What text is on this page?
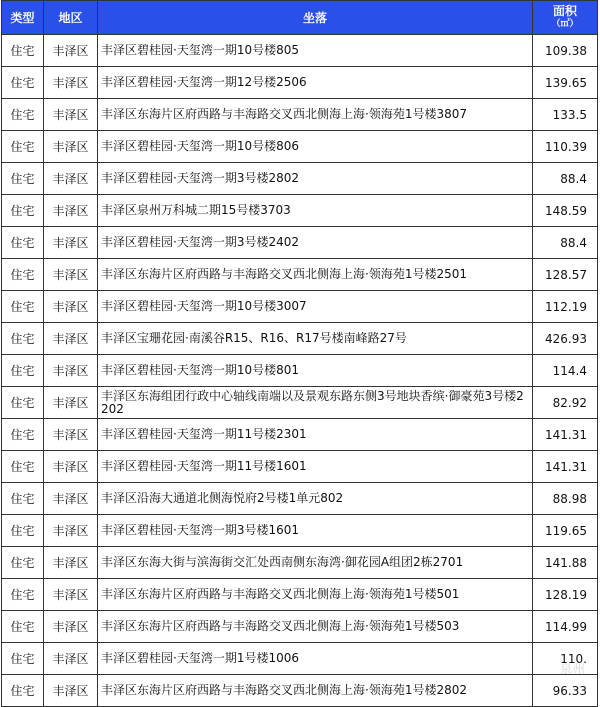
类型	地区	坐落	面积
（㎡）

住宅	丰泽区	丰泽区碧桂园·天玺湾一期10号楼805	109.38
住宅	丰泽区	丰泽区碧桂园·天玺湾一期12号楼2506	139.65
住宅	丰泽区	丰泽区东海片区府西路与丰海路交叉西北侧海上海·领海苑1号楼3807	133.5
住宅	丰泽区	丰泽区碧桂园·天玺湾一期10号楼806	110.39
住宅	丰泽区	丰泽区碧桂园·天玺湾一期3号楼2802	88.4
住宅	丰泽区	丰泽区泉州万科城二期15号楼3703	148.59
住宅	丰泽区	丰泽区碧桂园·天玺湾一期3号楼2402	88.4
住宅	丰泽区	丰泽区东海片区府西路与丰海路交叉西北侧海上海·领海苑1号楼2501	128.57
住宅	丰泽区	丰泽区碧桂园·天玺湾一期10号楼3007	112.19
住宅	丰泽区	丰泽区宝珊花园·南溪谷R15、R16、R17号楼南峰路27号	426.93
住宅	丰泽区	丰泽区碧桂园·天玺湾一期10号楼801	114.4
住宅	丰泽区	丰泽区东海组团行政中心轴线南端以及景观东路东侧3号地块香缤·御豪苑3号楼2202	82.92
住宅	丰泽区	丰泽区碧桂园·天玺湾一期11号楼2301	141.31
住宅	丰泽区	丰泽区碧桂园·天玺湾一期11号楼1601	141.31
住宅	丰泽区	丰泽区沿海大通道北侧海悦府2号楼1单元802	88.98
住宅	丰泽区	丰泽区碧桂园·天玺湾一期3号楼1601	119.65
住宅	丰泽区	丰泽区东海大街与滨海街交汇处西南侧东海湾·御花园A组团2栋2701	141.88
住宅	丰泽区	丰泽区东海片区府西路与丰海路交叉西北侧海上海·领海苑1号楼501	128.19
住宅	丰泽区	丰泽区东海片区府西路与丰海路交叉西北侧海上海·领海苑1号楼503	114.99
住宅	丰泽区	丰泽区碧桂园·天玺湾一期1号楼1006	110.
住宅	丰泽区	丰泽区东海片区府西路与丰海路交叉西北侧海上海·领海苑1号楼2802	96.33
泉州
